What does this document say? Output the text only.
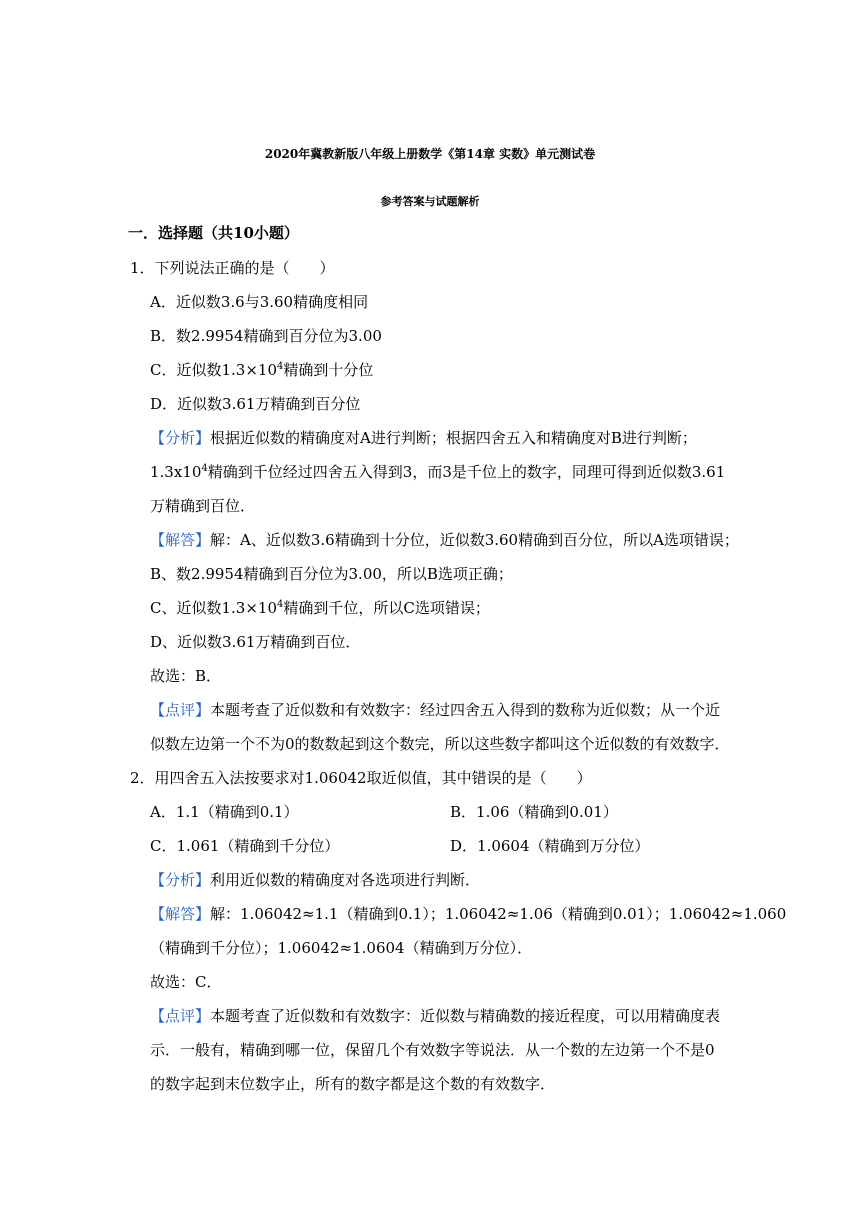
2020年冀教新版八年级上册数学《第14章 实数》单元测试卷
参考答案与试题解析
一．选择题（共10小题）
1．下列说法正确的是（　　）
A．近似数3.6与3.60精确度相同
B．数2.9954精确到百分位为3.00
C．近似数$1.3\times 10^4$精确到十分位
D．近似数3.61万精确到百分位
【分析】根据近似数的精确度对A进行判断；根据四舍五入和精确度对B进行判断；
$1.3x10^4$精确到千位经过四舍五入得到3，而3是千位上的数字，同理可得到近似数3.61
万精确到百位．
【解答】解：A、近似数3.6精确到十分位，近似数3.60精确到百分位，所以A选项错误；
B、数2.9954精确到百分位为3.00，所以B选项正确；
C、近似数$1.3\times 10^4$精确到千位，所以C选项错误；
D、近似数3.61万精确到百位．
故选：B．
【点评】本题考查了近似数和有效数字：经过四舍五入得到的数称为近似数；从一个近
似数左边第一个不为0的数数起到这个数完，所以这些数字都叫这个近似数的有效数字．
2．用四舍五入法按要求对1.06042取近似值，其中错误的是（　　）
A．1.1（精确到0.1）	B．1.06（精确到0.01）
C．1.061（精确到千分位）	D．1.0604（精确到万分位）
【分析】利用近似数的精确度对各选项进行判断．
【解答】解：1.06042≈1.1（精确到0.1）；1.06042≈1.06（精确到0.01）；1.06042≈1.060
（精确到千分位）；1.06042≈1.0604（精确到万分位）．
故选：C．
【点评】本题考查了近似数和有效数字：近似数与精确数的接近程度，可以用精确度表
示．一般有，精确到哪一位，保留几个有效数字等说法．从一个数的左边第一个不是0
的数字起到末位数字止，所有的数字都是这个数的有效数字．
